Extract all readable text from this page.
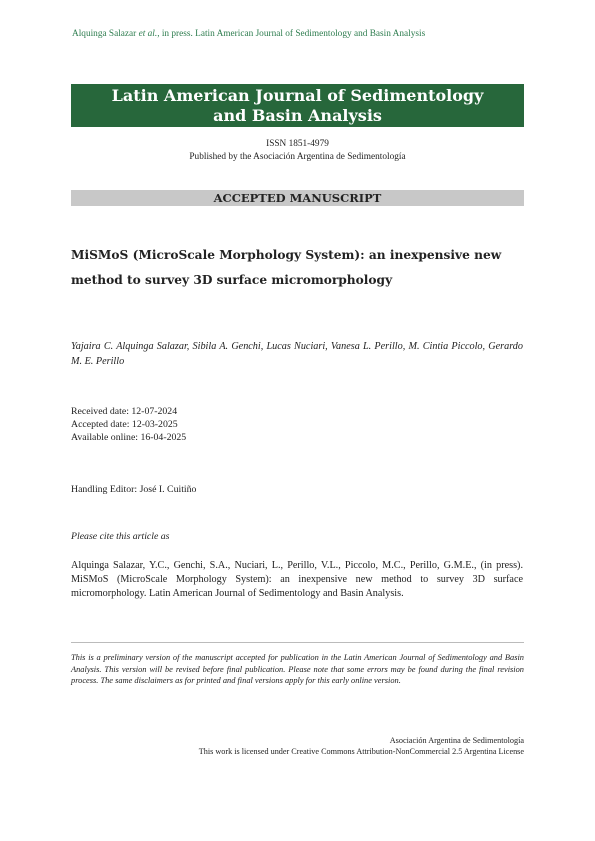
Alquinga Salazar et al., in press. Latin American Journal of Sedimentology and Basin Analysis
Latin American Journal of Sedimentology
and Basin Analysis
ISSN 1851-4979
Published by the Asociación Argentina de Sedimentología
ACCEPTED MANUSCRIPT
MiSMoS (MicroScale Morphology System): an inexpensive new
method to survey 3D surface micromorphology
Yajaira C. Alquinga Salazar, Sibila A. Genchi, Lucas Nuciari, Vanesa L. Perillo, M. Cintia Piccolo, Gerardo M. E. Perillo
Received date: 12-07-2024
Accepted date: 12-03-2025
Available online: 16-04-2025
Handling Editor: José I. Cuitiño
Please cite this article as
Alquinga Salazar, Y.C., Genchi, S.A., Nuciari, L., Perillo, V.L., Piccolo, M.C., Perillo, G.M.E., (in press). MiSMoS (MicroScale Morphology System): an inexpensive new method to survey 3D surface micromorphology. Latin American Journal of Sedimentology and Basin Analysis.
This is a preliminary version of the manuscript accepted for publication in the Latin American Journal of Sedimentology and Basin Analysis. This version will be revised before final publication. Please note that some errors may be found during the final revision process. The same disclaimers as for printed and final versions apply for this early online version.
Asociación Argentina de Sedimentología
This work is licensed under Creative Commons Attribution-NonCommercial 2.5 Argentina License
